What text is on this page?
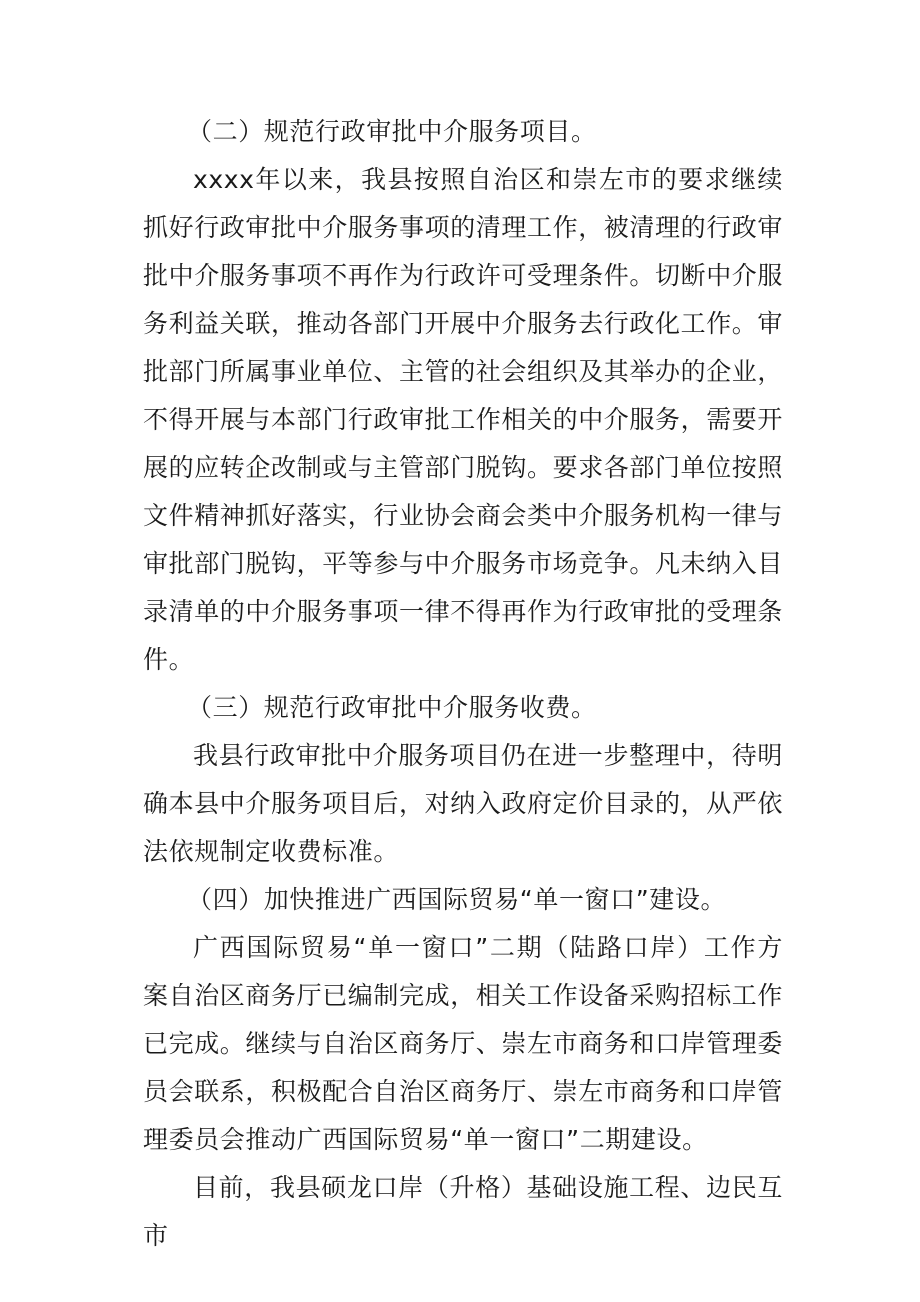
（二）规范行政审批中介服务项目。

xxxx年以来，我县按照自治区和崇左市的要求继续抓好行政审批中介服务事项的清理工作，被清理的行政审批中介服务事项不再作为行政许可受理条件。切断中介服务利益关联，推动各部门开展中介服务去行政化工作。审批部门所属事业单位、主管的社会组织及其举办的企业，不得开展与本部门行政审批工作相关的中介服务，需要开展的应转企改制或与主管部门脱钩。要求各部门单位按照文件精神抓好落实，行业协会商会类中介服务机构一律与审批部门脱钩，平等参与中介服务市场竞争。凡未纳入目录清单的中介服务事项一律不得再作为行政审批的受理条件。

（三）规范行政审批中介服务收费。

我县行政审批中介服务项目仍在进一步整理中，待明确本县中介服务项目后，对纳入政府定价目录的，从严依法依规制定收费标准。

（四）加快推进广西国际贸易“单一窗口”建设。

广西国际贸易“单一窗口”二期（陆路口岸）工作方案自治区商务厅已编制完成，相关工作设备采购招标工作已完成。继续与自治区商务厅、崇左市商务和口岸管理委员会联系，积极配合自治区商务厅、崇左市商务和口岸管理委员会推动广西国际贸易“单一窗口”二期建设。

目前，我县硕龙口岸（升格）基础设施工程、边民互市
